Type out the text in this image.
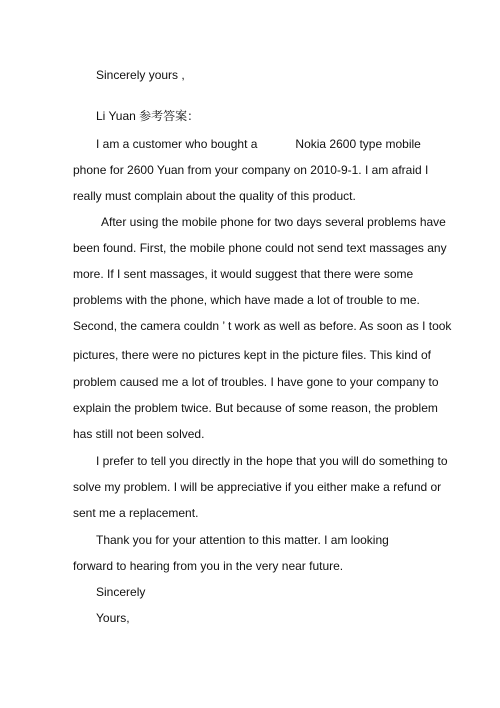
Sincerely yours ,
Li Yuan 参考答案：
I am a customer who bought a	Nokia 2600 type mobile
phone for 2600 Yuan from your company on 2010-9-1. I am afraid I
really must complain about the quality of this product.
After using the mobile phone for two days several problems have
been found. First, the mobile phone could not send text massages any
more. If I sent massages, it would suggest that there were some
problems with the phone, which have made a lot of trouble to me.
Second, the camera couldn ’ t work as well as before. As soon as I took
pictures, there were no pictures kept in the picture files. This kind of
problem caused me a lot of troubles. I have gone to your company to
explain the problem twice. But because of some reason, the problem
has still not been solved.
I prefer to tell you directly in the hope that you will do something to
solve my problem. I will be appreciative if you either make a refund or
sent me a replacement.
Thank you for your attention to this matter. I am looking
forward to hearing from you in the very near future.
Sincerely
Yours,
